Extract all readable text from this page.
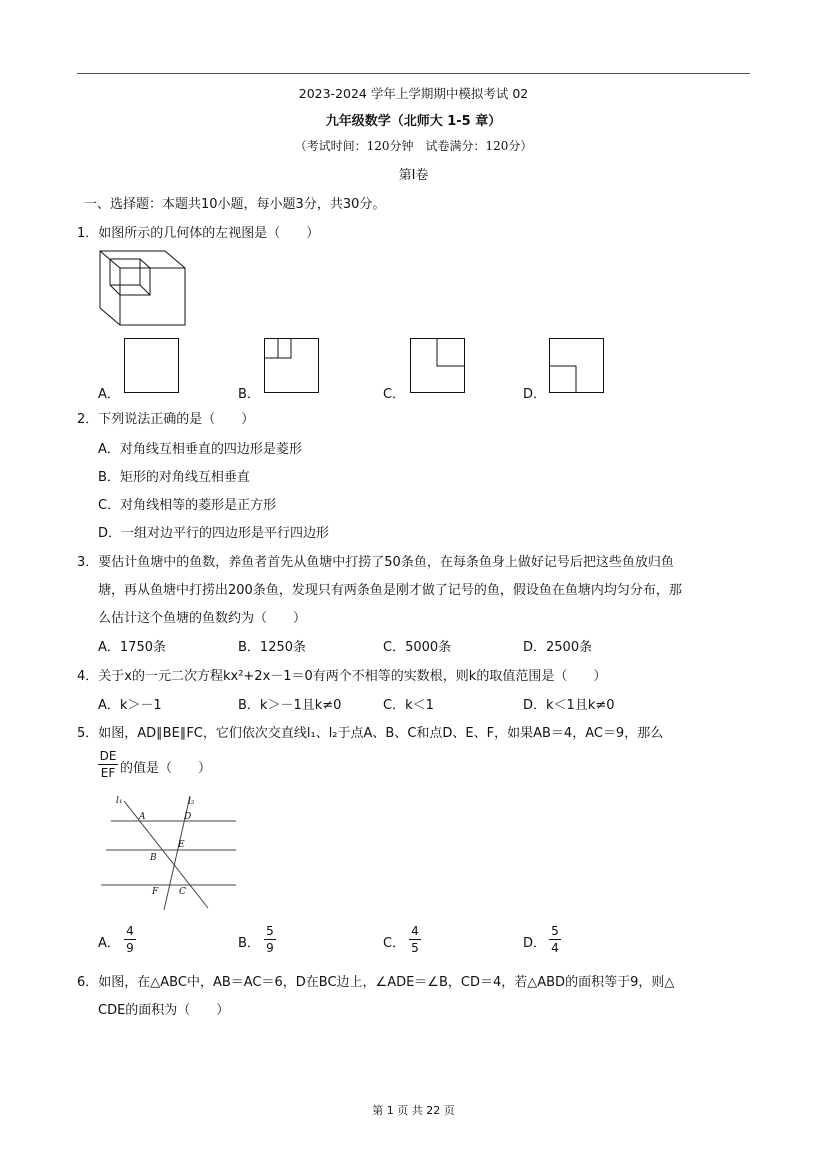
2023-2024 学年上学期期中模拟考试 02
九年级数学（北师大 1-5 章）
（考试时间：120分钟　试卷满分：120分）
第I卷
一、选择题：本题共10小题，每小题3分，共30分。
1．如图所示的几何体的左视图是（　　）
A．	B．	C．	D．
2．下列说法正确的是（　　）
A．对角线互相垂直的四边形是菱形
B．矩形的对角线互相垂直
C．对角线相等的菱形是正方形
D．一组对边平行的四边形是平行四边形
3．要估计鱼塘中的鱼数，养鱼者首先从鱼塘中打捞了50条鱼，在每条鱼身上做好记号后把这些鱼放归鱼
塘，再从鱼塘中打捞出200条鱼，发现只有两条鱼是刚才做了记号的鱼，假设鱼在鱼塘内均匀分布，那
么估计这个鱼塘的鱼数约为（　　）
A．1750条	B．1250条	C．5000条	D．2500条
4．关于x的一元二次方程kx²+2x－1＝0有两个不相等的实数根，则k的取值范围是（　　）
A．k＞－1	B．k＞－1且k≠0	C．k＜1	D．k＜1且k≠0
5．如图，AD∥BE∥FC，它们依次交直线l₁、l₂于点A、B、C和点D、E、F，如果AB＝4，AC＝9，那么
DE
EF 的值是（　　）
l₁	l₂
A	D
B
E
F C
A．
4
9	B．
5
9	C．
4
5	D．
5
4
6．如图，在△ABC中，AB＝AC＝6，D在BC边上，∠ADE＝∠B，CD＝4，若△ABD的面积等于9，则△
CDE的面积为（　　）
第 1 页 共 22 页
